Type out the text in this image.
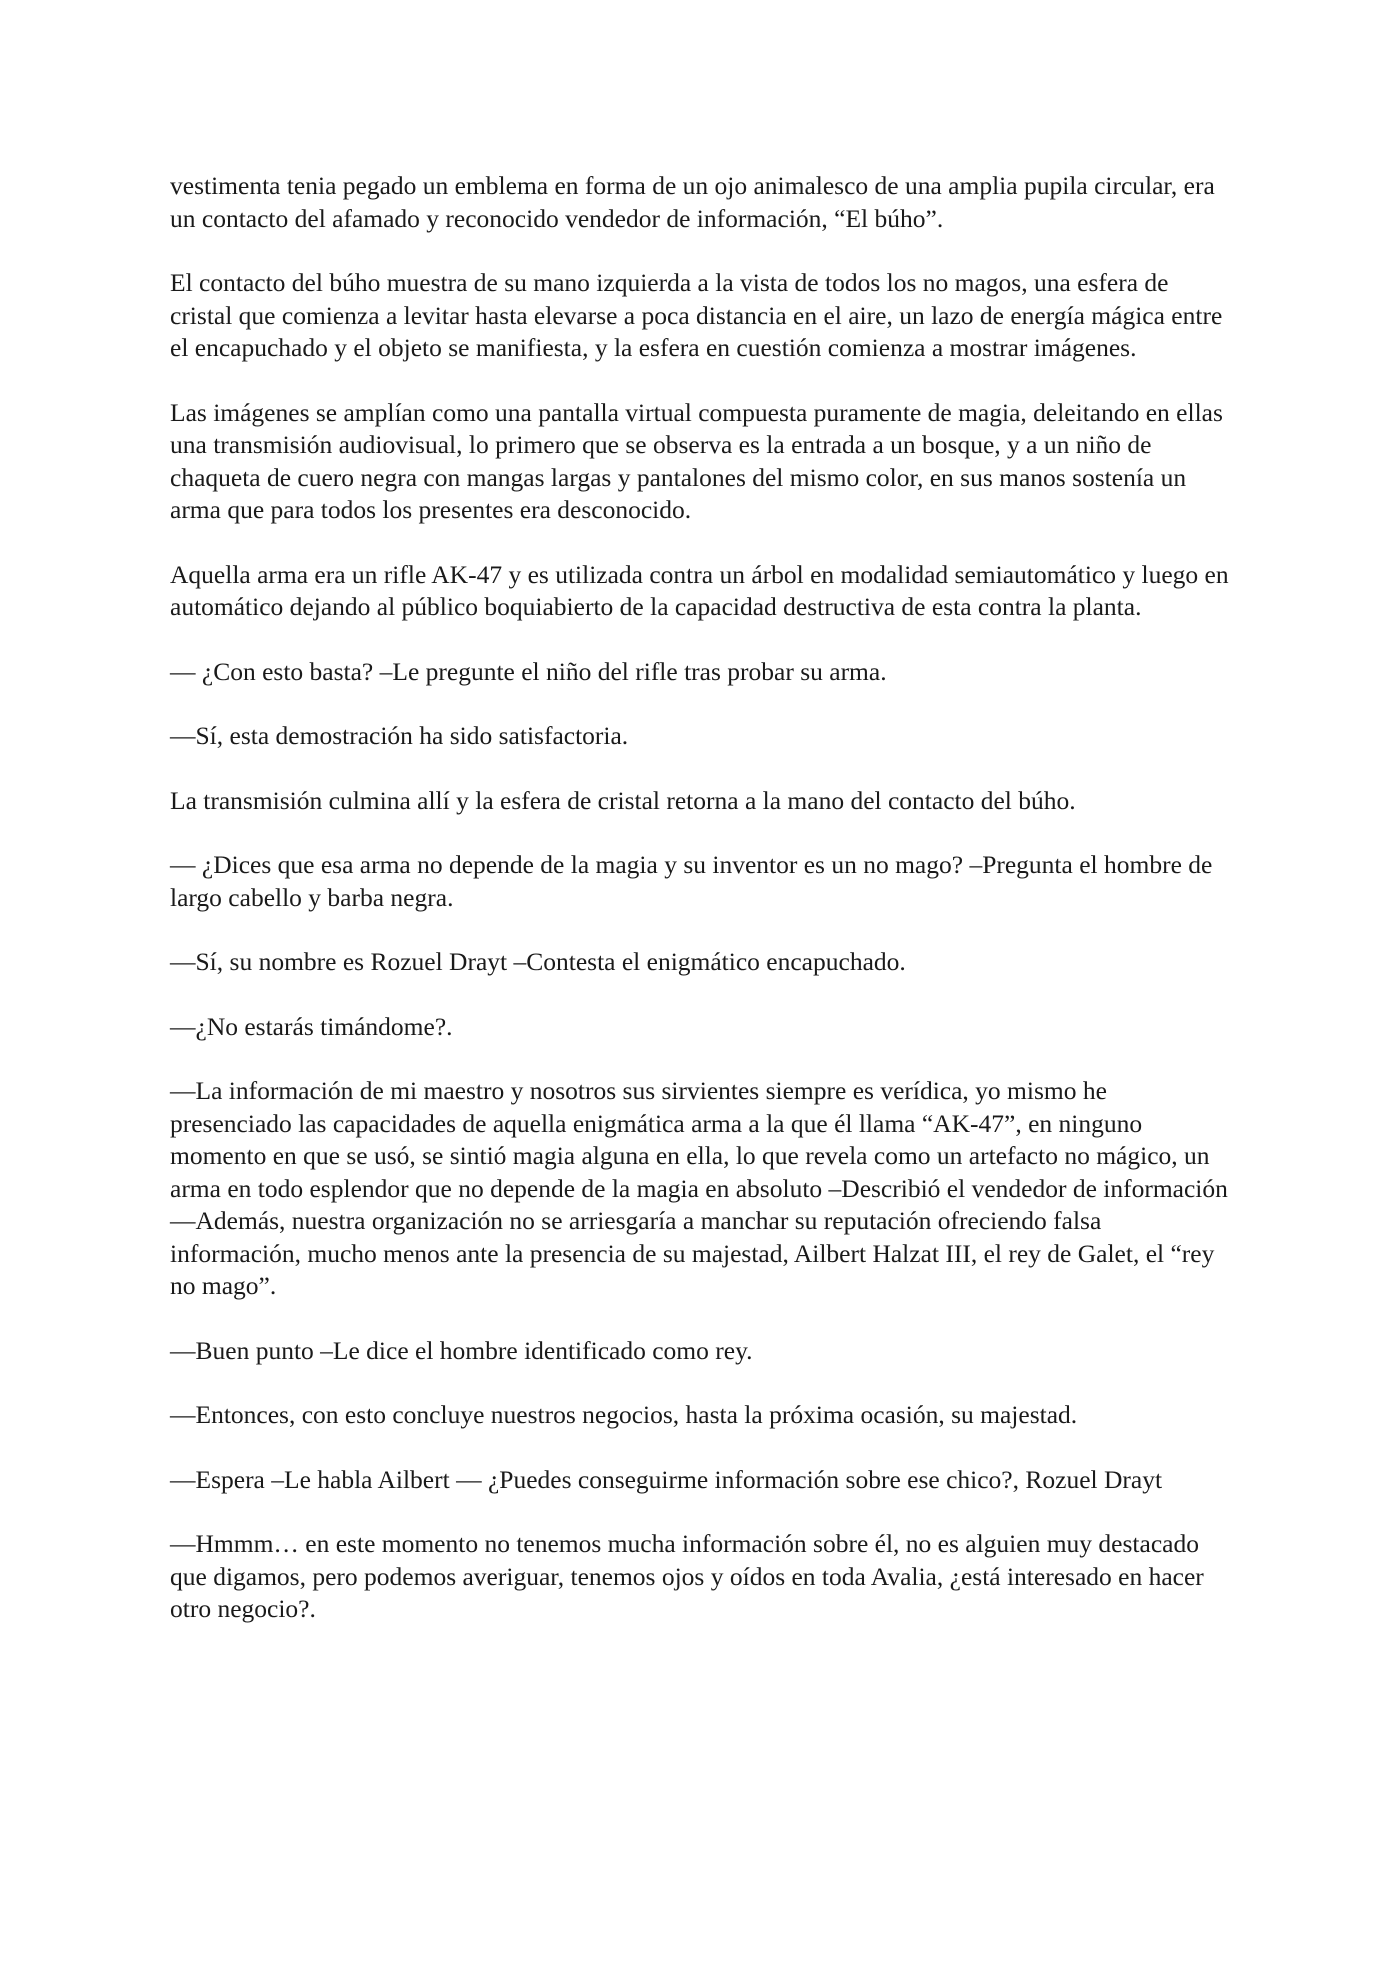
vestimenta tenia pegado un emblema en forma de un ojo animalesco de una amplia pupila circular, era un contacto del afamado y reconocido vendedor de información, “El búho”.

El contacto del búho muestra de su mano izquierda a la vista de todos los no magos, una esfera de cristal que comienza a levitar hasta elevarse a poca distancia en el aire, un lazo de energía mágica entre el encapuchado y el objeto se manifiesta, y la esfera en cuestión comienza a mostrar imágenes.

Las imágenes se amplían como una pantalla virtual compuesta puramente de magia, deleitando en ellas una transmisión audiovisual, lo primero que se observa es la entrada a un bosque, y a un niño de chaqueta de cuero negra con mangas largas y pantalones del mismo color, en sus manos sostenía un arma que para todos los presentes era desconocido.

Aquella arma era un rifle AK-47 y es utilizada contra un árbol en modalidad semiautomático y luego en automático dejando al público boquiabierto de la capacidad destructiva de esta contra la planta.

— ¿Con esto basta? –Le pregunte el niño del rifle tras probar su arma.

—Sí, esta demostración ha sido satisfactoria.

La transmisión culmina allí y la esfera de cristal retorna a la mano del contacto del búho.

— ¿Dices que esa arma no depende de la magia y su inventor es un no mago? –Pregunta el hombre de largo cabello y barba negra.

—Sí, su nombre es Rozuel Drayt –Contesta el enigmático encapuchado.

—¿No estarás timándome?.

—La información de mi maestro y nosotros sus sirvientes siempre es verídica, yo mismo he presenciado las capacidades de aquella enigmática arma a la que él llama “AK-47”, en ninguno momento en que se usó, se sintió magia alguna en ella, lo que revela como un artefacto no mágico, un arma en todo esplendor que no depende de la magia en absoluto –Describió el vendedor de información —Además, nuestra organización no se arriesgaría a manchar su reputación ofreciendo falsa información, mucho menos ante la presencia de su majestad, Ailbert Halzat III, el rey de Galet, el “rey no mago”.

—Buen punto –Le dice el hombre identificado como rey.

—Entonces, con esto concluye nuestros negocios, hasta la próxima ocasión, su majestad.

—Espera –Le habla Ailbert — ¿Puedes conseguirme información sobre ese chico?, Rozuel Drayt

—Hmmm… en este momento no tenemos mucha información sobre él, no es alguien muy destacado que digamos, pero podemos averiguar, tenemos ojos y oídos en toda Avalia, ¿está interesado en hacer otro negocio?.
